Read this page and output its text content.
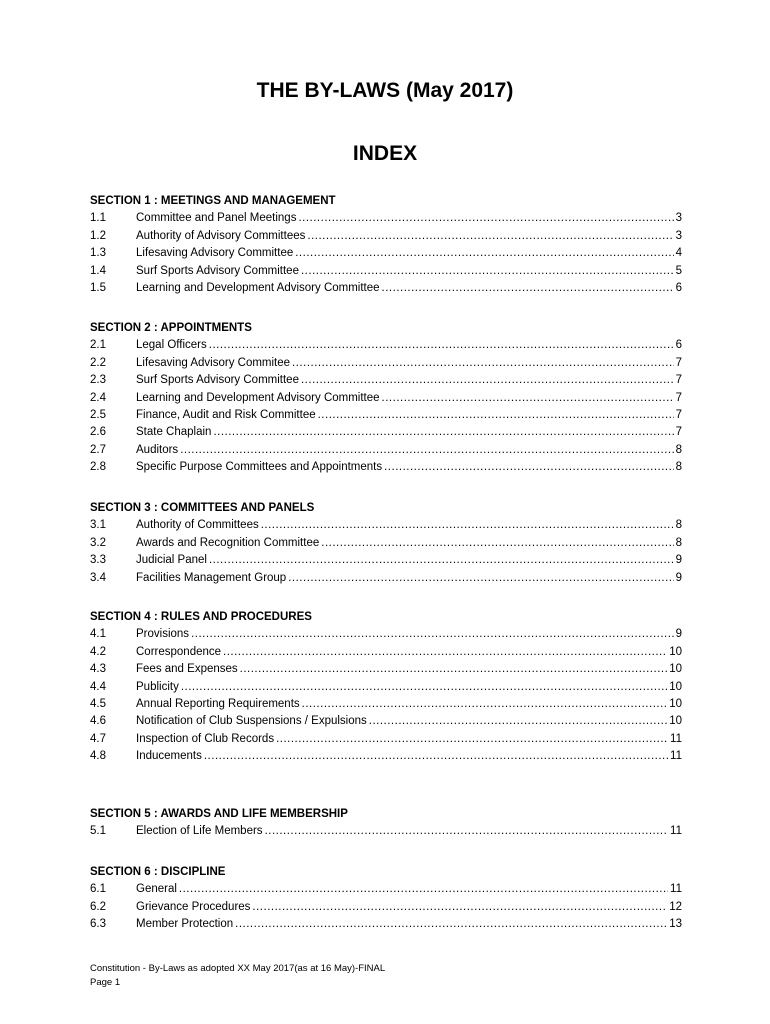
THE BY-LAWS (May 2017)
INDEX
SECTION 1 : MEETINGS AND MANAGEMENT
1.1	Committee and Panel Meetings .....	3
1.2	Authority of Advisory Committees .....	3
1.3	Lifesaving Advisory Committee .....	4
1.4	Surf Sports Advisory Committee .....	5
1.5	Learning and Development Advisory Committee .....	6
SECTION 2 : APPOINTMENTS
2.1	Legal Officers .....	6
2.2	Lifesaving Advisory Commitee .....	7
2.3	Surf Sports Advisory Committee .....	7
2.4	Learning and Development Advisory Committee .....	7
2.5	Finance, Audit and Risk Committee .....	7
2.6	State Chaplain .....	7
2.7	Auditors .....	8
2.8	Specific Purpose Committees and Appointments .....	8
SECTION 3 : COMMITTEES AND PANELS
3.1	Authority of Committees .....	8
3.2	Awards and Recognition Committee .....	8
3.3	Judicial Panel .....	9
3.4	Facilities Management Group .....	9
SECTION 4 : RULES AND PROCEDURES
4.1	Provisions .....	9
4.2	Correspondence .....	10
4.3	Fees and Expenses .....	10
4.4	Publicity .....	10
4.5	Annual Reporting Requirements .....	10
4.6	Notification of Club Suspensions / Expulsions .....	10
4.7	Inspection of Club Records .....	11
4.8	Inducements .....	11
SECTION 5 : AWARDS AND LIFE MEMBERSHIP
5.1	Election of Life Members .....	11
SECTION 6 : DISCIPLINE
6.1	General .....	11
6.2	Grievance Procedures .....	12
6.3	Member Protection .....	13
Constitution - By-Laws as adopted XX May 2017(as at 16 May)-FINAL
Page 1
